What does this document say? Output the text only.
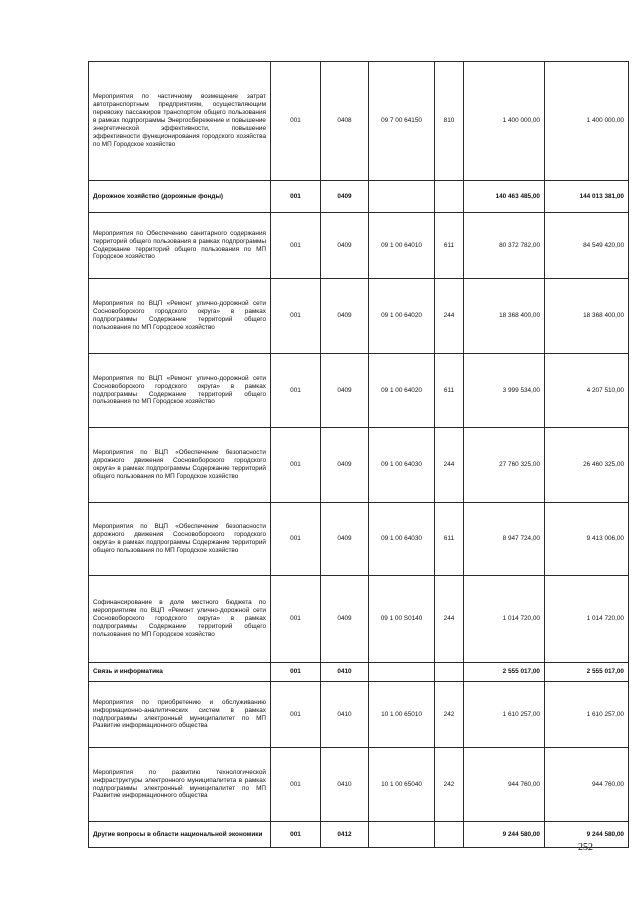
Мероприятия по частичному возмещение затрат автотранспортным предприятиям, осуществляющим перевозку пассажиров транспортом общего пользования в рамках подпрограммы Энергосбережение и повышение энергетической эффективности, повышение эффективности функционирования городского хозяйства по МП Городское хозяйство	001	0408	09 7 00 64150	810	1 400 000,00	1 400 000,00
Дорожное хозяйство (дорожные фонды)	001	0409			140 463 485,00	144 013 381,00
Мероприятия по Обеспечению санитарного содержания территорий общего пользования в рамках подпрограммы Содержание территорий общего пользования по МП Городское хозяйство	001	0409	09 1 00 64010	611	80 372 782,00	84 549 420,00
Мероприятия по ВЦП «Ремонт улично-дорожной сети Сосновоборского городского округа» в рамках подпрограммы Содержание территорий общего пользования по МП Городское хозяйство	001	0409	09 1 00 64020	244	18 368 400,00	18 368 400,00
Мероприятия по ВЦП «Ремонт улично-дорожной сети Сосновоборского городского округа» в рамках подпрограммы Содержание территорий общего пользования по МП Городское хозяйство	001	0409	09 1 00 64020	611	3 999 534,00	4 207 510,00
Мероприятия по ВЦП «Обеспечение безопасности дорожного движения Сосновоборского городского округа» в рамках подпрограммы Содержание территорий общего пользования по МП Городское хозяйство	001	0409	09 1 00 64030	244	27 760 325,00	26 460 325,00
Мероприятия по ВЦП «Обеспечение безопасности дорожного движения Сосновоборского городского округа» в рамках подпрограммы Содержание территорий общего пользования по МП Городское хозяйство	001	0409	09 1 00 64030	611	8 947 724,00	9 413 006,00
Софинансирование в доле местного бюджета по мероприятиям по ВЦП «Ремонт улично-дорожной сети Сосновоборского городского округа» в рамках подпрограммы Содержание территорий общего пользования по МП Городское хозяйство	001	0409	09 1 00 S0140	244	1 014 720,00	1 014 720,00
Связь и информатика	001	0410			2 555 017,00	2 555 017,00
Мероприятия по приобретению и обслуживанию информационно-аналитических систем в рамках подпрограммы электронный муниципалитет по МП Развитие информационного общества	001	0410	10 1 00 65010	242	1 610 257,00	1 610 257,00
Мероприятия по развитию технологической инфраструктуры электронного муниципалитета в рамках подпрограммы электронный муниципалитет по МП Развитие информационного общества	001	0410	10 1 00 65040	242	944 760,00	944 760,00
Другие вопросы в области национальной экономики	001	0412			9 244 580,00	9 244 580,00
252
